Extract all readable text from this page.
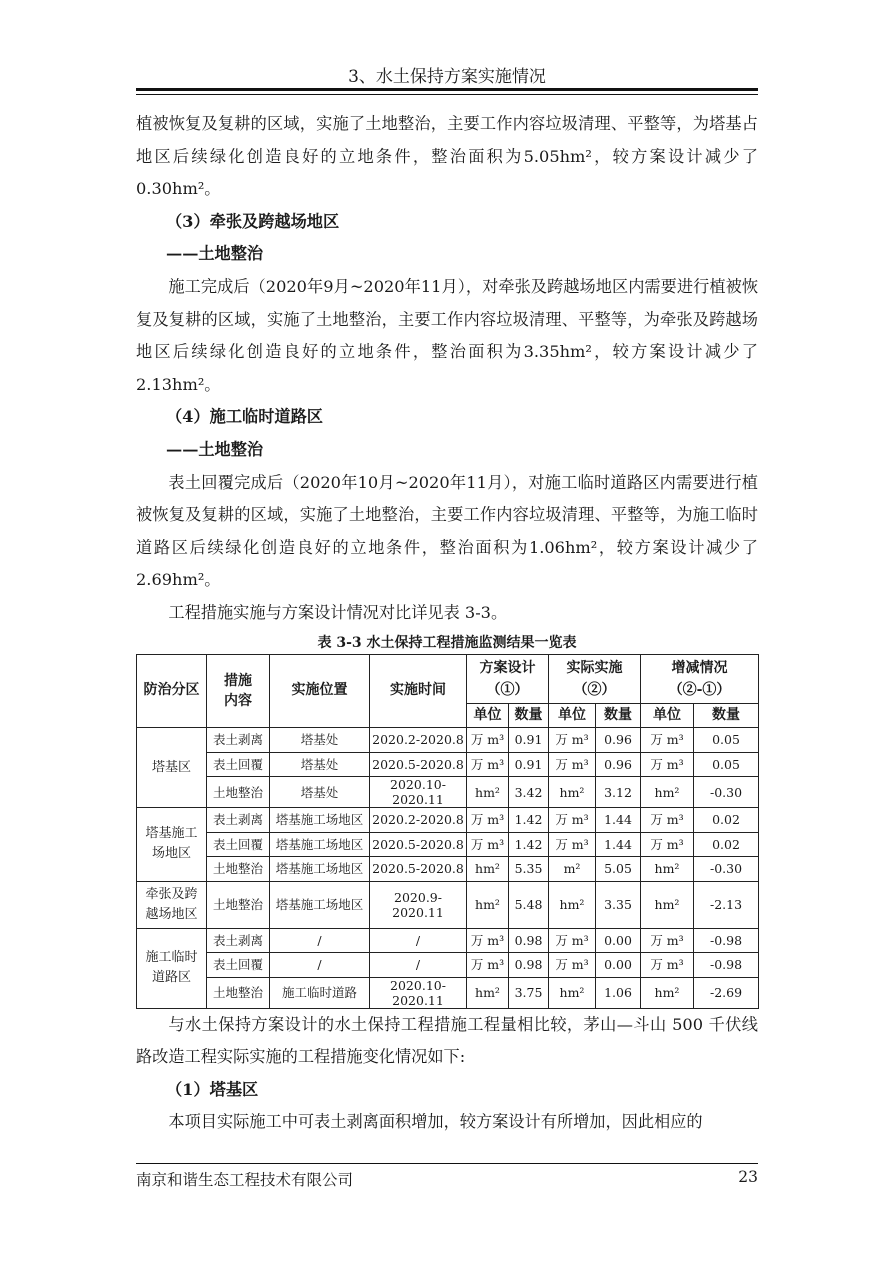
3、水土保持方案实施情况

植被恢复及复耕的区域，实施了土地整治，主要工作内容垃圾清理、平整等，为塔基占地区后续绿化创造良好的立地条件，整治面积为5.05hm²，较方案设计减少了0.30hm²。

（3）牵张及跨越场地区

——土地整治

施工完成后（2020年9月~2020年11月），对牵张及跨越场地区内需要进行植被恢复及复耕的区域，实施了土地整治，主要工作内容垃圾清理、平整等，为牵张及跨越场地区后续绿化创造良好的立地条件，整治面积为3.35hm²，较方案设计减少了2.13hm²。

（4）施工临时道路区

——土地整治

表土回覆完成后（2020年10月~2020年11月），对施工临时道路区内需要进行植被恢复及复耕的区域，实施了土地整治，主要工作内容垃圾清理、平整等，为施工临时道路区后续绿化创造良好的立地条件，整治面积为1.06hm²，较方案设计减少了2.69hm²。

工程措施实施与方案设计情况对比详见表 3-3。

表 3-3 水土保持工程措施监测结果一览表
防治分区	措施内容	实施位置	实施时间	方案设计（①）		实际实施（②）		增减情况（②-①）	
				单位	数量	单位	数量	单位	数量
塔基区	表土剥离	塔基处	2020.2-2020.8	万 m³	0.91	万 m³	0.96	万 m³	0.05
	表土回覆	塔基处	2020.5-2020.8	万 m³	0.91	万 m³	0.96	万 m³	0.05
	土地整治	塔基处	2020.10-2020.11	hm²	3.42	hm²	3.12	hm²	-0.30
塔基施工场地区	表土剥离	塔基施工场地区	2020.2-2020.8	万 m³	1.42	万 m³	1.44	万 m³	0.02
	表土回覆	塔基施工场地区	2020.5-2020.8	万 m³	1.42	万 m³	1.44	万 m³	0.02
	土地整治	塔基施工场地区	2020.5-2020.8	hm²	5.35	m²	5.05	hm²	-0.30
牵张及跨越场地区	土地整治	塔基施工场地区	2020.9-2020.11	hm²	5.48	hm²	3.35	hm²	-2.13
施工临时道路区	表土剥离	/	/	万 m³	0.98	万 m³	0.00	万 m³	-0.98
	表土回覆	/	/	万 m³	0.98	万 m³	0.00	万 m³	-0.98
	土地整治	施工临时道路	2020.10-2020.11	hm²	3.75	hm²	1.06	hm²	-2.69

与水土保持方案设计的水土保持工程措施工程量相比较，茅山—斗山 500 千伏线路改造工程实际实施的工程措施变化情况如下:

（1）塔基区

本项目实际施工中可表土剥离面积增加，较方案设计有所增加，因此相应的

南京和谐生态工程技术有限公司	23
